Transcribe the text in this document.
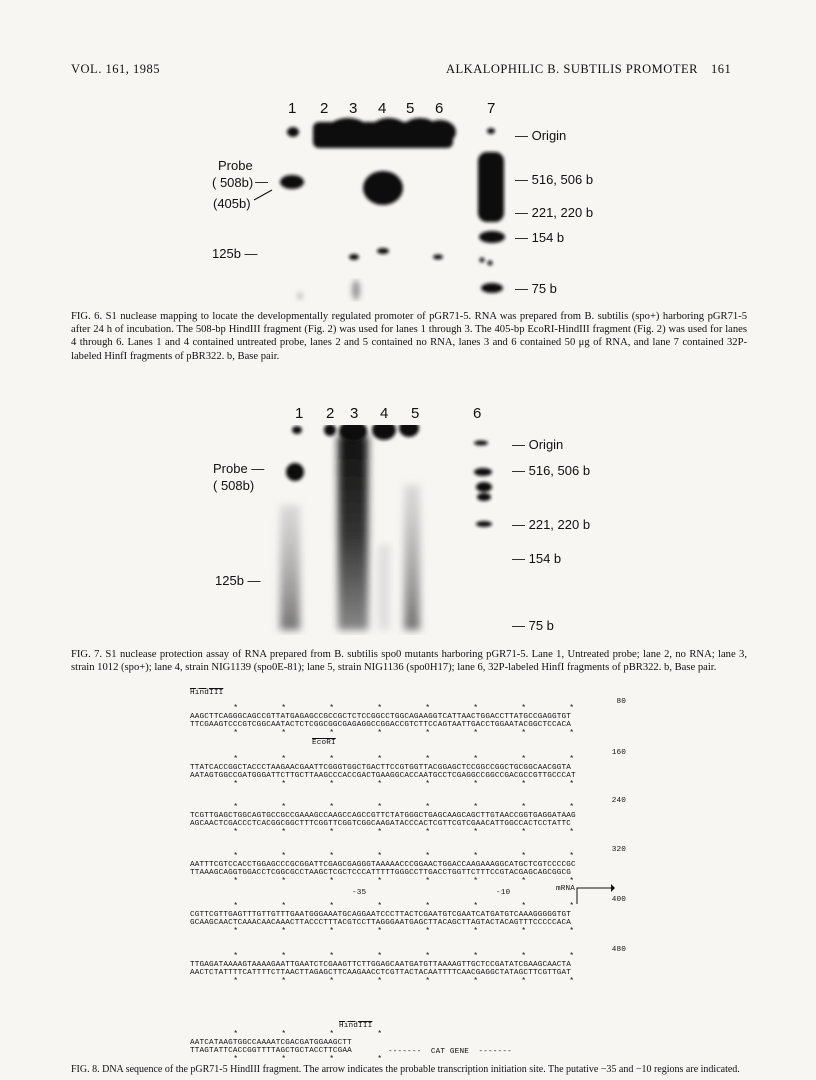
VOL. 161, 1985	ALKALOPHILIC B. SUBTILIS PROMOTER 161
1 2 3 4 5 6	7
Probe
( 508b) —
(405b)
125b —
— Origin
— 516, 506 b
— 221, 220 b
— 154 b
— 75 b
FIG. 6. S1 nuclease mapping to locate the developmentally regulated promoter of pGR71-5. RNA was prepared from B. subtilis (spo+) harboring pGR71-5 after 24 h of incubation. The 508-bp HindIII fragment (Fig. 2) was used for lanes 1 through 3. The 405-bp EcoRI-HindIII fragment (Fig. 2) was used for lanes 4 through 6. Lanes 1 and 4 contained untreated probe, lanes 2 and 5 contained no RNA, lanes 3 and 6 contained 50 μg of RNA, and lane 7 contained 32P-labeled HinfI fragments of pBR322. b, Base pair.
1 2 3 4 5	6
Probe —
( 508b)
125b —
— Origin
— 516, 506 b
— 221, 220 b
— 154 b
— 75 b
FIG. 7. S1 nuclease protection assay of RNA prepared from B. subtilis spo0 mutants harboring pGR71-5. Lane 1, Untreated probe; lane 2, no RNA; lane 3, strain 1012 (spo+); lane 4, strain NIG1139 (spo0E-81); lane 5, strain NIG1136 (spo0H17); lane 6, 32P-labeled HinfI fragments of pBR322. b, Base pair.
HindIII
EcoRI
-35	-10	mRNA
HindIII
80
*         *         *         *         *         *         *         *
AAGCTTCAGGGCAGCCGTTATGAGAGCCGCCGCTCTCCGGCCTGGCAGAAGGTCATTAACTGGACCTTATGCCGAGGTGT
TTCGAAGTCCCGTCGGCAATACTCTCGGCGGCGAGAGGCCGGACCGTCTTCCAGTAATTGACCTGGAATACGGCTCCACA
*         *         *         *         *         *         *         *
160
*         *         *         *         *         *         *         *
TTATCACCGGCTACCCTAAGAACGAATTCGGGTGGCTGACTTCCGTGGTTACGGAGCTCCGGCCGGCTGCGGCAACGGTA
AATAGTGGCCGATGGGATTCTTGCTTAAGCCCACCGACTGAAGGCACCAATGCCTCGAGGCCGGCCGACGCCGTTGCCCAT
*         *         *         *         *         *         *         *
240
*         *         *         *         *         *         *         *
TCGTTGAGCTGGCAGTGCCGCCGAAAGCCAAGCCAGCCGTTCTATGGGCTGAGCAAGCAGCTTGTAACCGGTGAGGATAAG
AGCAACTCGACCCTCACGGCGGCTTTCGGTTCGGTCGGCAAGATACCCACTCGTTCGTCGAACATTGGCCACTCCTATTC
*         *         *         *         *         *         *         *
320
*         *         *         *         *         *         *         *
AATTTCGTCCACCTGGAGCCCGCGGATTCGAGCGAGGGTAAAAACCCGGAACTGGACCAAGAAAGGCATGCTCGTCCCCGC
TTAAAGCAGGTGGACCTCGGCGCCTAAGCTCGCTCCCATTTTTGGGCCTTGACCTGGTTCTTTCCGTACGAGCAGCGGCG
*         *         *         *         *         *         *         *
400
*         *         *         *         *         *         *         *
CGTTCGTTGAGTTTGTTGTTTGAATGGGAAATGCAGGAATCCCTTACTCGAATGTCGAATCATGATGTCAAAGGGGGTGT
GCAAGCAACTCAAACAACAAACTTACCCTTTACGTCCTTAGGGAATGAGCTTACAGCTTAGTACTACAGTTTCCCCCACA
*         *         *         *         *         *         *         *
480
*         *         *         *         *         *         *         *
TTGAGATAAAAGTAAAAGAATTGAATCTCGAAGTTCTTGGAGCAATGATGTTAAAAGTTGCTCCGATATCGAAGCAACTA
AACTCTATTTTCATTTTCTTAACTTAGAGCTTCAAGAACCTCGTTACTACAATTTTCAACGAGGCTATAGCTTCGTTGAT
*         *         *         *         *         *         *         *
*         *         *         *
AATCATAAGTGGCCAAAATCGACGATGGAAGCTT
TTAGTATTCACCGGTTTTAGCTGCTACCTTCGAA
*         *         *         *
-------  CAT GENE  -------
FIG. 8. DNA sequence of the pGR71-5 HindIII fragment. The arrow indicates the probable transcription initiation site. The putative −35 and −10 regions are indicated.
